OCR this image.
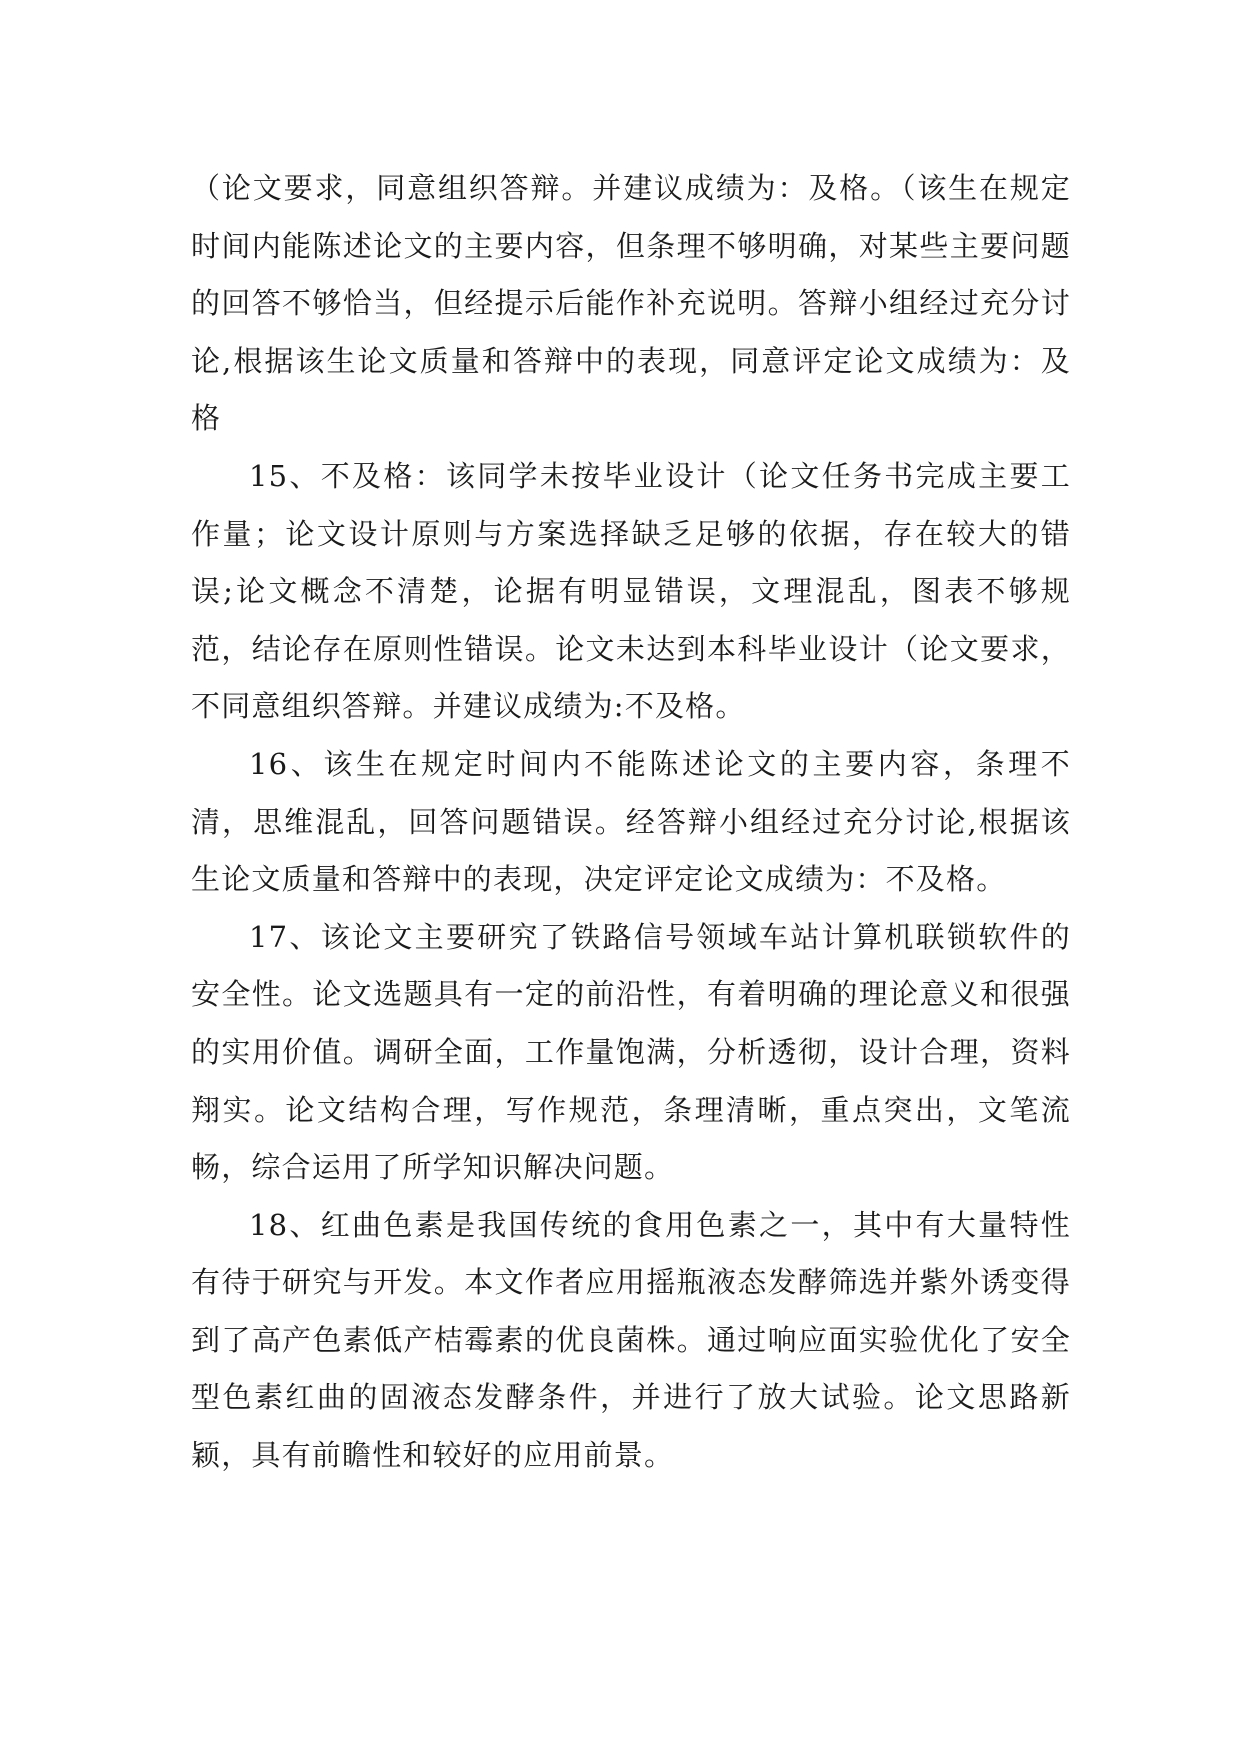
（论文要求，同意组织答辩。并建议成绩为：及格。（该生在规定时间内能陈述论文的主要内容，但条理不够明确，对某些主要问题的回答不够恰当，但经提示后能作补充说明。答辩小组经过充分讨论,根据该生论文质量和答辩中的表现，同意评定论文成绩为：及格

15、不及格：该同学未按毕业设计（论文任务书完成主要工作量；论文设计原则与方案选择缺乏足够的依据，存在较大的错误;论文概念不清楚，论据有明显错误，文理混乱，图表不够规范，结论存在原则性错误。论文未达到本科毕业设计（论文要求，不同意组织答辩。并建议成绩为:不及格。

16、该生在规定时间内不能陈述论文的主要内容，条理不清，思维混乱，回答问题错误。经答辩小组经过充分讨论,根据该生论文质量和答辩中的表现，决定评定论文成绩为：不及格。

17、该论文主要研究了铁路信号领域车站计算机联锁软件的安全性。论文选题具有一定的前沿性，有着明确的理论意义和很强的实用价值。调研全面，工作量饱满，分析透彻，设计合理，资料翔实。论文结构合理，写作规范，条理清晰，重点突出，文笔流畅，综合运用了所学知识解决问题。

18、红曲色素是我国传统的食用色素之一，其中有大量特性有待于研究与开发。本文作者应用摇瓶液态发酵筛选并紫外诱变得到了高产色素低产桔霉素的优良菌株。通过响应面实验优化了安全型色素红曲的固液态发酵条件，并进行了放大试验。论文思路新颖，具有前瞻性和较好的应用前景。
